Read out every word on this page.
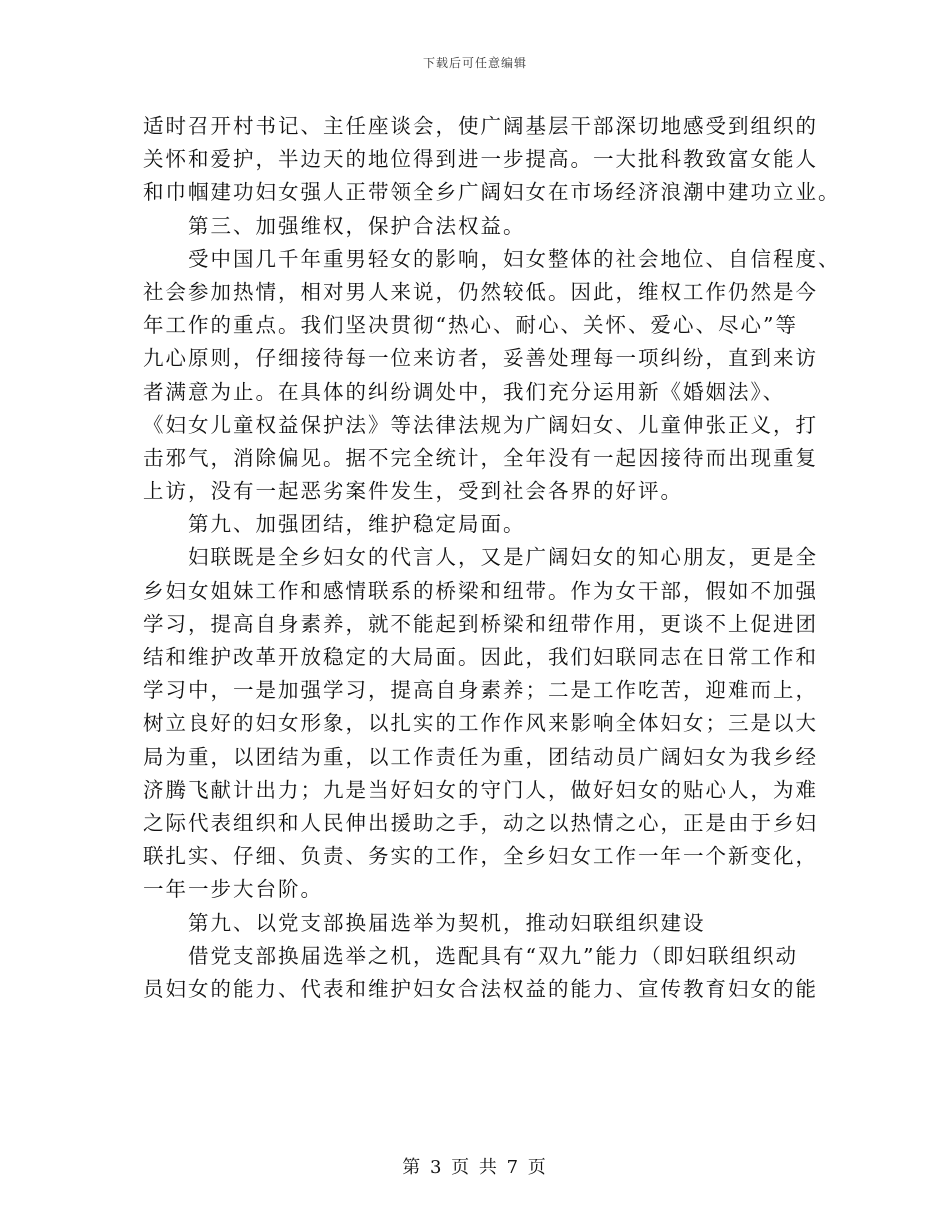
下载后可任意编辑
适时召开村书记、主任座谈会，使广阔基层干部深切地感受到组织的
关怀和爱护，半边天的地位得到进一步提高。一大批科教致富女能人
和巾帼建功妇女强人正带领全乡广阔妇女在市场经济浪潮中建功立业。
第三、加强维权，保护合法权益。
受中国几千年重男轻女的影响，妇女整体的社会地位、自信程度、
社会参加热情，相对男人来说，仍然较低。因此，维权工作仍然是今
年工作的重点。我们坚决贯彻“热心、耐心、关怀、爱心、尽心”等
九心原则，仔细接待每一位来访者，妥善处理每一项纠纷，直到来访
者满意为止。在具体的纠纷调处中，我们充分运用新《婚姻法》、
《妇女儿童权益保护法》等法律法规为广阔妇女、儿童伸张正义，打
击邪气，消除偏见。据不完全统计，全年没有一起因接待而出现重复
上访，没有一起恶劣案件发生，受到社会各界的好评。
第九、加强团结，维护稳定局面。
妇联既是全乡妇女的代言人，又是广阔妇女的知心朋友，更是全
乡妇女姐妹工作和感情联系的桥梁和纽带。作为女干部，假如不加强
学习，提高自身素养，就不能起到桥梁和纽带作用，更谈不上促进团
结和维护改革开放稳定的大局面。因此，我们妇联同志在日常工作和
学习中，一是加强学习，提高自身素养；二是工作吃苦，迎难而上，
树立良好的妇女形象，以扎实的工作作风来影响全体妇女；三是以大
局为重，以团结为重，以工作责任为重，团结动员广阔妇女为我乡经
济腾飞献计出力；九是当好妇女的守门人，做好妇女的贴心人，为难
之际代表组织和人民伸出援助之手，动之以热情之心，正是由于乡妇
联扎实、仔细、负责、务实的工作，全乡妇女工作一年一个新变化，
一年一步大台阶。
第九、以党支部换届选举为契机，推动妇联组织建设
借党支部换届选举之机，选配具有“双九”能力（即妇联组织动
员妇女的能力、代表和维护妇女合法权益的能力、宣传教育妇女的能
第 3 页 共 7 页
